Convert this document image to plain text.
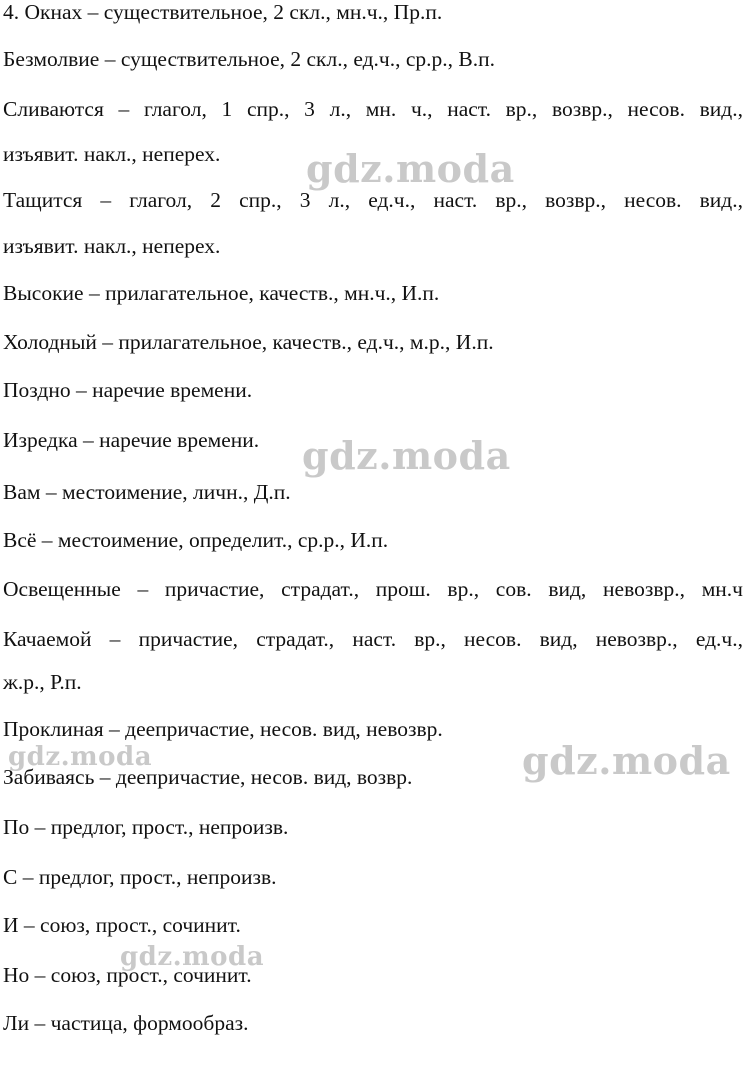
4. Окнах – существительное, 2 скл., мн.ч., Пр.п.
Безмолвие – существительное, 2 скл., ед.ч., ср.р., В.п.
Сливаются – глагол, 1 спр., 3 л., мн. ч., наст. вр., возвр., несов. вид.,
изъявит. накл., неперех.
Тащится – глагол, 2 спр., 3 л., ед.ч., наст. вр., возвр., несов. вид.,
изъявит. накл., неперех.
Высокие – прилагательное, качеств., мн.ч., И.п.
Холодный – прилагательное, качеств., ед.ч., м.р., И.п.
Поздно – наречие времени.
Изредка – наречие времени.
Вам – местоимение, личн., Д.п.
Всё – местоимение, определит., ср.р., И.п.
Освещенные – причастие, страдат., прош. вр., сов. вид, невозвр., мн.ч
Качаемой – причастие, страдат., наст. вр., несов. вид, невозвр., ед.ч.,
ж.р., Р.п.
Проклиная – деепричастие, несов. вид, невозвр.
Забиваясь – деепричастие, несов. вид, возвр.
По – предлог, прост., непроизв.
С – предлог, прост., непроизв.
И – союз, прост., сочинит.
Но – союз, прост., сочинит.
Ли – частица, формообраз.
gdz.moda
gdz.moda
gdz.moda	gdz.moda
gdz.moda
